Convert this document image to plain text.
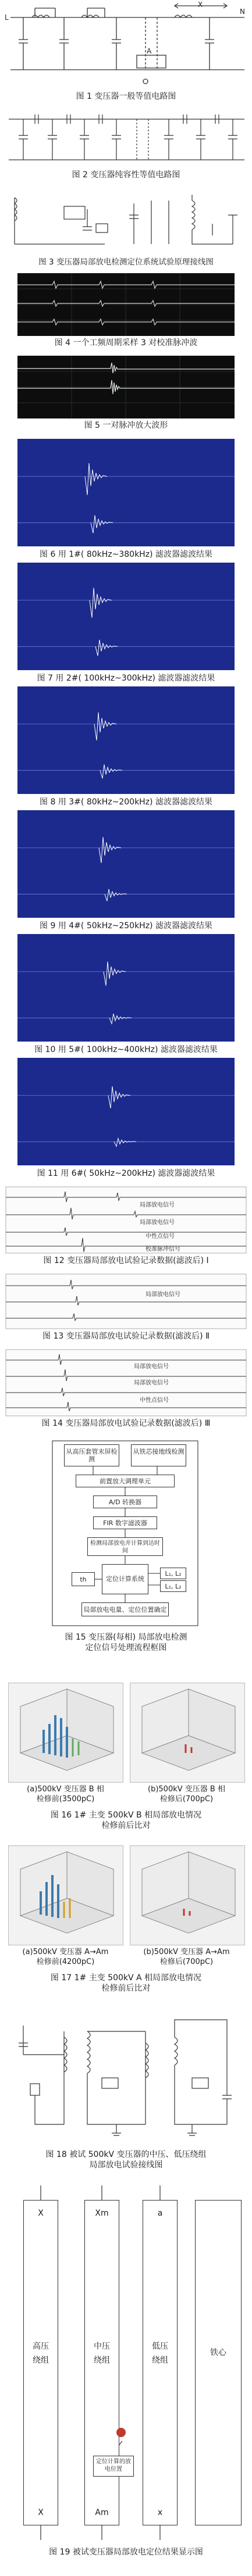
L
X
N
A
图 1 变压器一般等值电路图
图 2 变压器纯容性等值电路图
图 3 变压器局部放电检测定位系统试验原理接线图
图 4 一个工频周期采样 3 对校准脉冲波
图 5 一对脉冲放大波形
图 6 用 1#( 80kHz~380kHz) 滤波器滤波结果
图 7 用 2#( 100kHz~300kHz) 滤波器滤波结果
图 8 用 3#( 80kHz~200kHz) 滤波器滤波结果
图 9 用 4#( 50kHz~250kHz) 滤波器滤波结果
图 10 用 5#( 100kHz~400kHz) 滤波器滤波结果
图 11 用 6#( 50kHz~200kHz) 滤波器滤波结果
局部放电信号
局部放电信号
中性点信号
校准脉冲信号
图 12 变压器局部放电试验记录数据(滤波后) Ⅰ
局部放电信号
图 13 变压器局部放电试验记录数据(滤波后) Ⅱ
局部放电信号
局部放电信号
中性点信号
图 14 变压器局部放电试验记录数据(滤波后) Ⅲ
从高压套管末屏检测
从铁芯接地线检测
前置放大调理单元
A/D 转换器
FIR 数字滤波器
检测局部放电并计算到达时间
th	定位计算系统
L₁, L₂
L₁, L₂
局部放电电量、定位位置确定
图 15 变压器(每相) 局部放电检测
定位信号处理流程框图
(a)500kV 变压器 B 相
检修前(3500pC)
(b)500kV 变压器 B 相
检修后(700pC)
图 16 1# 主变 500kV B 相局部放电情况
检修前后比对
(a)500kV 变压器 A→Am
检修前(4200pC)
(b)500kV 变压器 A→Am
检修后(700pC)
图 17 1# 主变 500kV A 相局部放电情况
检修前后比对
图 18 被试 500kV 变压器的中压、低压绕组
局部放电试验接线图
X
高压
绕组
X
Xm
中压
绕组
Am
a
低压
绕组
x
铁心
定位计算的放电位置
图 19 被试变压器局部放电定位结果显示图
